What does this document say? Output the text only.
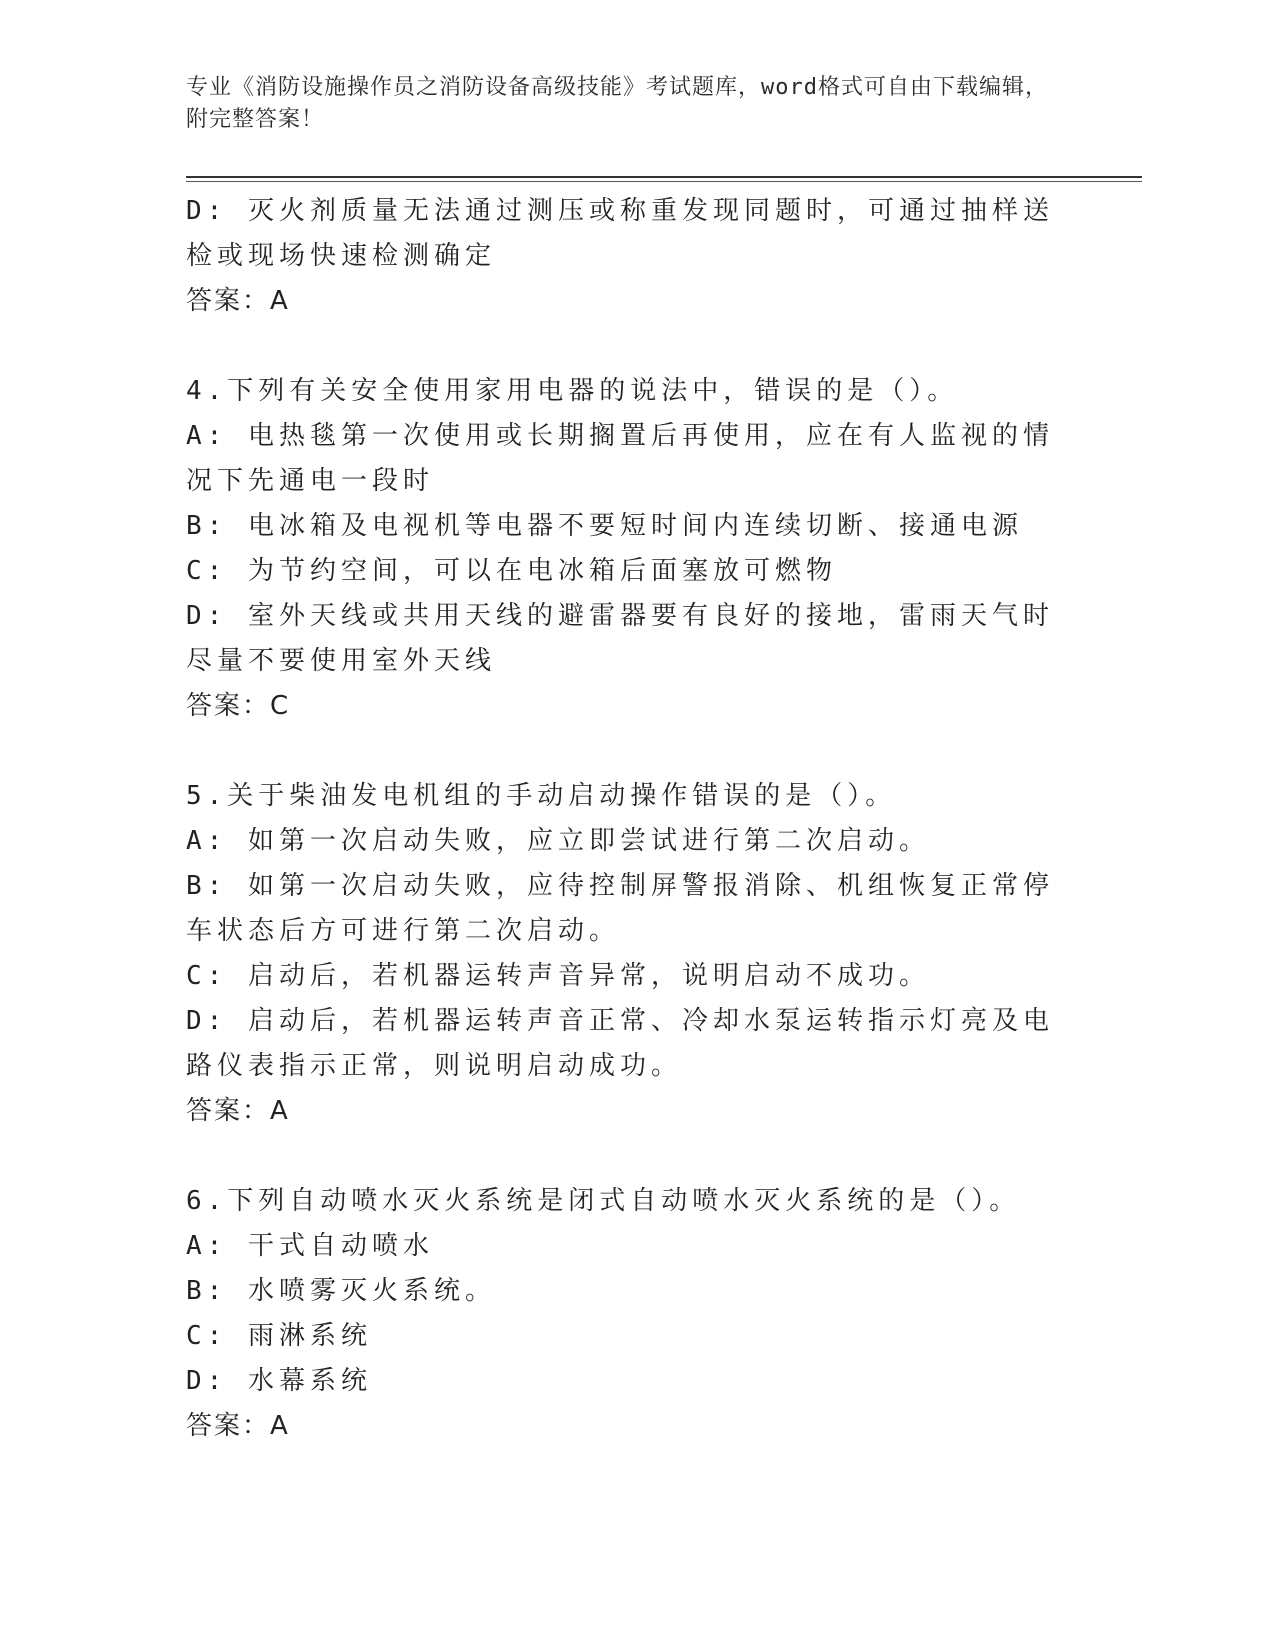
专业《消防设施操作员之消防设备高级技能》考试题库，word格式可自由下载编辑，附完整答案！
D: 灭火剂质量无法通过测压或称重发现同题时，可通过抽样送检或现场快速检测确定
答案：A
4.下列有关安全使用家用电器的说法中，错误的是（）。
A: 电热毯第一次使用或长期搁置后再使用，应在有人监视的情况下先通电一段时
B: 电冰箱及电视机等电器不要短时间内连续切断、接通电源
C: 为节约空间，可以在电冰箱后面塞放可燃物
D: 室外天线或共用天线的避雷器要有良好的接地，雷雨天气时尽量不要使用室外天线
答案：C
5.关于柴油发电机组的手动启动操作错误的是（）。
A: 如第一次启动失败，应立即尝试进行第二次启动。
B: 如第一次启动失败，应待控制屏警报消除、机组恢复正常停车状态后方可进行第二次启动。
C: 启动后，若机器运转声音异常，说明启动不成功。
D: 启动后，若机器运转声音正常、冷却水泵运转指示灯亮及电路仪表指示正常，则说明启动成功。
答案：A
6.下列自动喷水灭火系统是闭式自动喷水灭火系统的是（）。
A: 干式自动喷水
B: 水喷雾灭火系统。
C: 雨淋系统
D: 水幕系统
答案：A
